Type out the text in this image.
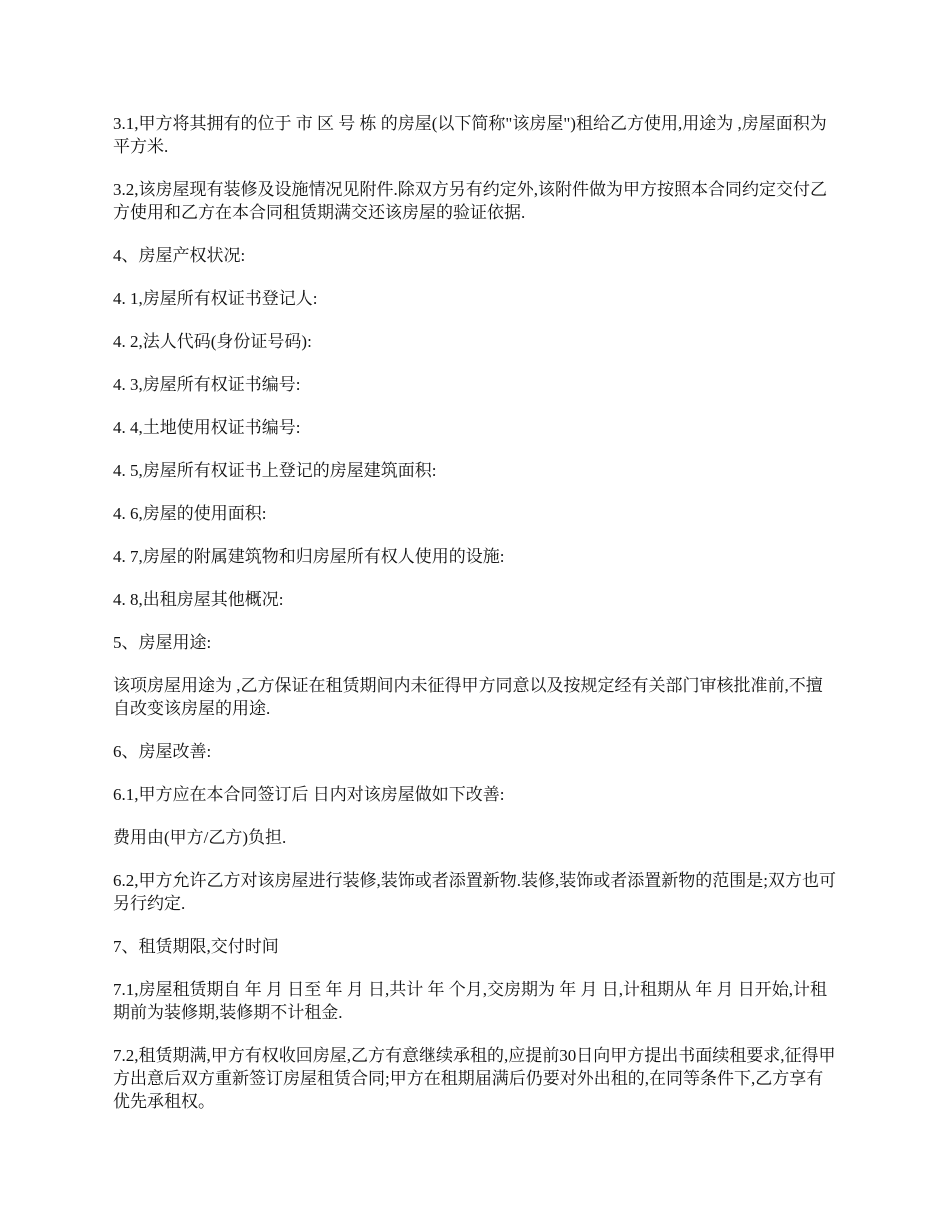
3.1,甲方将其拥有的位于 市 区 号 栋 的房屋(以下简称"该房屋")租给乙方使用,用途为 ,房屋面积为 平方米.

3.2,该房屋现有装修及设施情况见附件.除双方另有约定外,该附件做为甲方按照本合同约定交付乙方使用和乙方在本合同租赁期满交还该房屋的验证依据.

4、房屋产权状况:

4. 1,房屋所有权证书登记人:

4. 2,法人代码(身份证号码):

4. 3,房屋所有权证书编号:

4. 4,土地使用权证书编号:

4. 5,房屋所有权证书上登记的房屋建筑面积:

4. 6,房屋的使用面积:

4. 7,房屋的附属建筑物和归房屋所有权人使用的设施:

4. 8,出租房屋其他概况:

5、房屋用途:

该项房屋用途为 ,乙方保证在租赁期间内未征得甲方同意以及按规定经有关部门审核批准前,不擅自改变该房屋的用途.

6、房屋改善:

6.1,甲方应在本合同签订后 日内对该房屋做如下改善:

费用由(甲方/乙方)负担.

6.2,甲方允许乙方对该房屋进行装修,装饰或者添置新物.装修,装饰或者添置新物的范围是;双方也可另行约定.

7、租赁期限,交付时间

7.1,房屋租赁期自 年 月 日至 年 月 日,共计 年 个月,交房期为 年 月 日,计租期从 年 月 日开始,计租期前为装修期,装修期不计租金.

7.2,租赁期满,甲方有权收回房屋,乙方有意继续承租的,应提前30日向甲方提出书面续租要求,征得甲方出意后双方重新签订房屋租赁合同;甲方在租期届满后仍要对外出租的,在同等条件下,乙方享有优先承租权。
